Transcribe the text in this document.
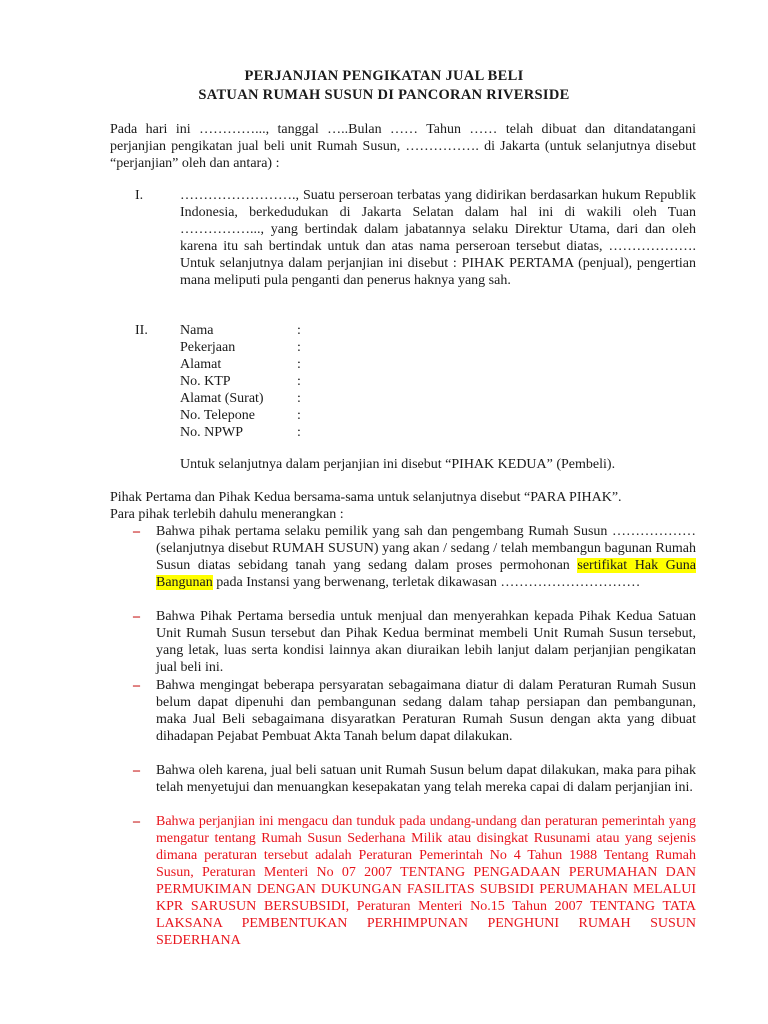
PERJANJIAN PENGIKATAN JUAL BELI
SATUAN RUMAH SUSUN DI PANCORAN RIVERSIDE

Pada hari ini …………..., tanggal …..Bulan …… Tahun …… telah dibuat dan ditandatangani perjanjian pengikatan jual beli unit Rumah Susun, ……………. di Jakarta (untuk selanjutnya disebut “perjanjian” oleh dan antara) :

I.	……………………., Suatu perseroan terbatas yang didirikan berdasarkan hukum Republik Indonesia, berkedudukan di Jakarta Selatan dalam hal ini di wakili oleh Tuan ……………..., yang bertindak dalam jabatannya selaku Direktur Utama, dari dan oleh karena itu sah bertindak untuk dan atas nama perseroan tersebut diatas, ………………. Untuk selanjutnya dalam perjanjian ini disebut : PIHAK PERTAMA (penjual), pengertian mana meliputi pula penganti dan penerus haknya yang sah.

II. Nama	:
Pekerjaan	:
Alamat	:
No. KTP	:
Alamat (Surat)	:
No. Telepone	:
No. NPWP	:
Untuk selanjutnya dalam perjanjian ini disebut “PIHAK KEDUA” (Pembeli).
Pihak Pertama dan Pihak Kedua bersama-sama untuk selanjutnya disebut “PARA PIHAK”.
Para pihak terlebih dahulu menerangkan :
– Bahwa pihak pertama selaku pemilik yang sah dan pengembang Rumah Susun ……………… (selanjutnya disebut RUMAH SUSUN) yang akan / sedang / telah membangun bagunan Rumah Susun diatas sebidang tanah yang sedang dalam proses permohonan sertifikat Hak Guna Bangunan pada Instansi yang berwenang, terletak dikawasan …………………………

– Bahwa Pihak Pertama bersedia untuk menjual dan menyerahkan kepada Pihak Kedua Satuan Unit Rumah Susun tersebut dan Pihak Kedua berminat membeli Unit Rumah Susun tersebut, yang letak, luas serta kondisi lainnya akan diuraikan lebih lanjut dalam perjanjian pengikatan jual beli ini.

– Bahwa mengingat beberapa persyaratan sebagaimana diatur di dalam Peraturan Rumah Susun belum dapat dipenuhi dan pembangunan sedang dalam tahap persiapan dan pembangunan, maka Jual Beli sebagaimana disyaratkan Peraturan Rumah Susun dengan akta yang dibuat dihadapan Pejabat Pembuat Akta Tanah belum dapat dilakukan.

– Bahwa oleh karena, jual beli satuan unit Rumah Susun belum dapat dilakukan, maka para pihak telah menyetujui dan menuangkan kesepakatan yang telah mereka capai di dalam perjanjian ini.

– Bahwa perjanjian ini mengacu dan tunduk pada undang-undang dan peraturan pemerintah yang mengatur tentang Rumah Susun Sederhana Milik atau disingkat Rusunami atau yang sejenis dimana peraturan tersebut adalah Peraturan Pemerintah No 4 Tahun 1988 Tentang Rumah Susun, Peraturan Menteri No 07 2007 TENTANG PENGADAAN PERUMAHAN DAN PERMUKIMAN DENGAN DUKUNGAN FASILITAS SUBSIDI PERUMAHAN MELALUI KPR SARUSUN BERSUBSIDI, Peraturan Menteri No.15 Tahun 2007 TENTANG TATA LAKSANA PEMBENTUKAN PERHIMPUNAN PENGHUNI RUMAH SUSUN SEDERHANA
